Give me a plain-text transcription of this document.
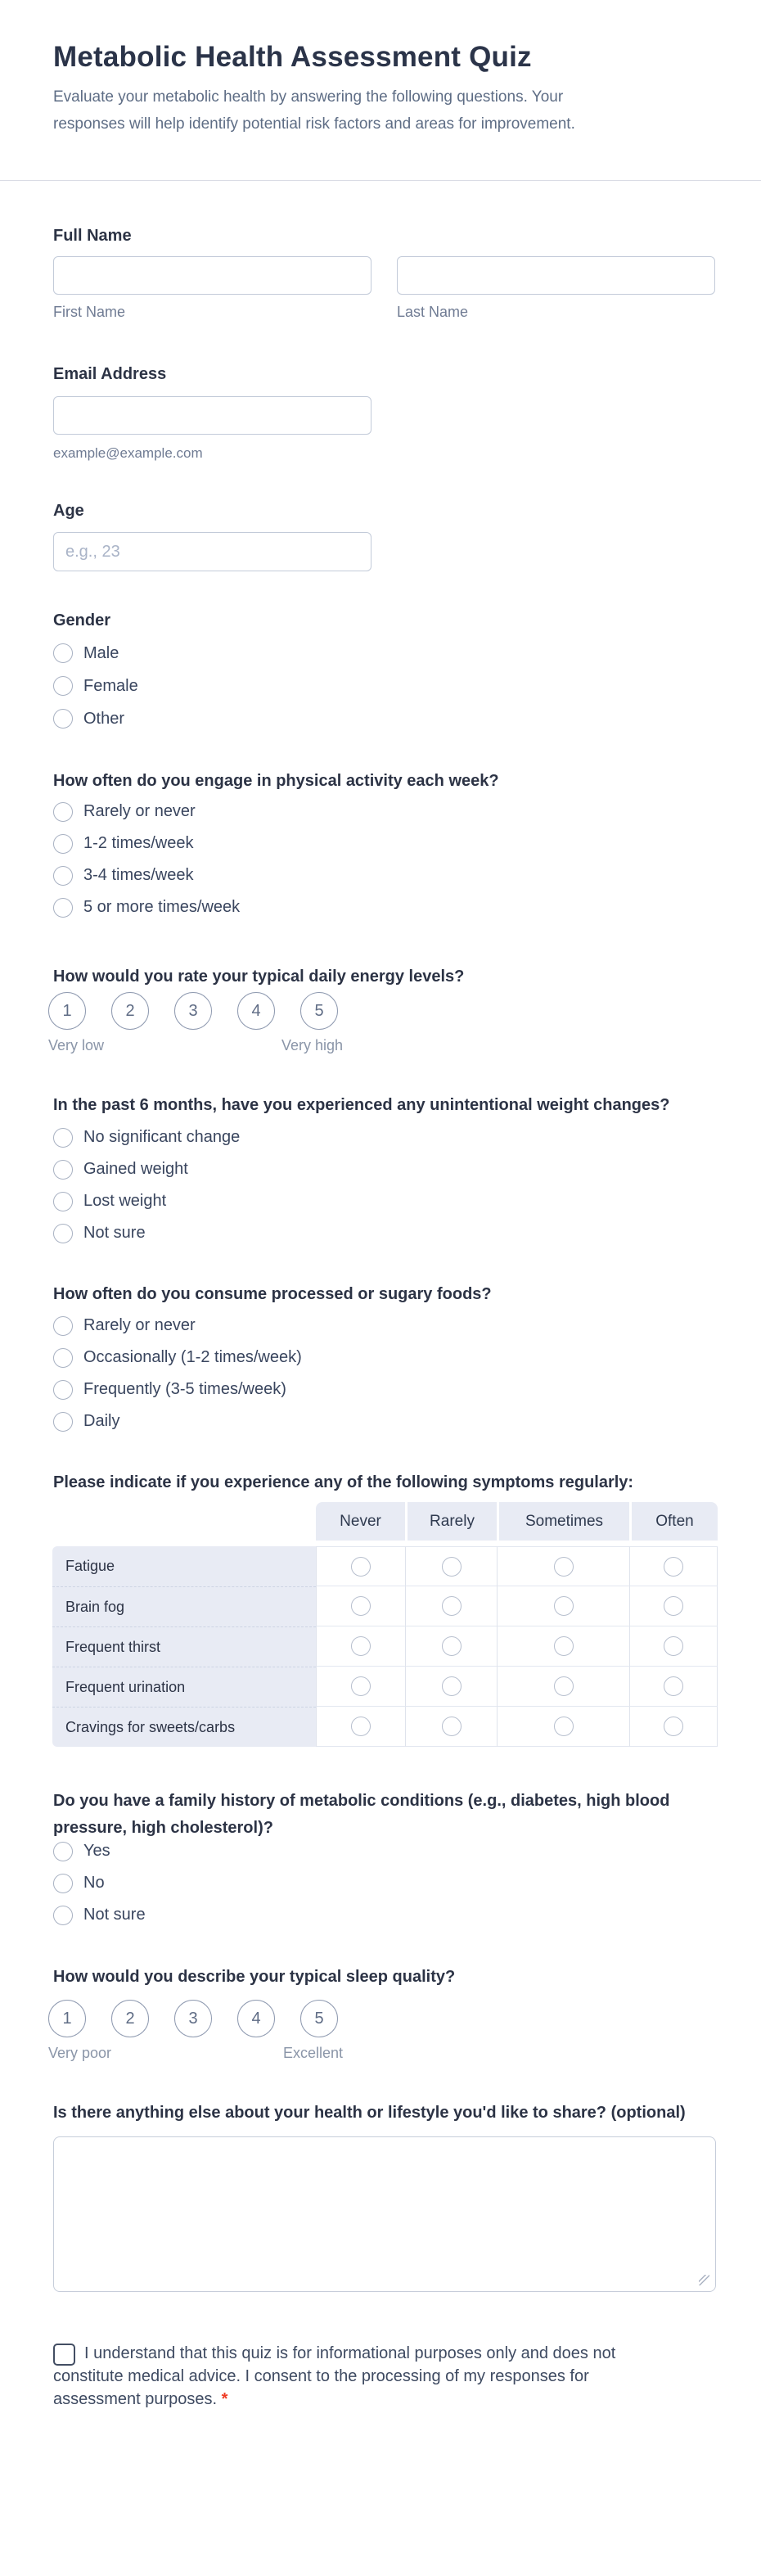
Metabolic Health Assessment Quiz
Evaluate your metabolic health by answering the following questions. Your responses will help identify potential risk factors and areas for improvement.
Full Name
First Name	Last Name
Email Address
example@example.com
Age
e.g., 23
Gender
Male
Female
Other
How often do you engage in physical activity each week?
Rarely or never
1-2 times/week
3-4 times/week
5 or more times/week
How would you rate your typical daily energy levels?
1	2	3	4	5
Very low	Very high
In the past 6 months, have you experienced any unintentional weight changes?
No significant change
Gained weight
Lost weight
Not sure
How often do you consume processed or sugary foods?
Rarely or never
Occasionally (1-2 times/week)
Frequently (3-5 times/week)
Daily
Please indicate if you experience any of the following symptoms regularly:
Never	Rarely	Sometimes	Often
Fatigue
Brain fog
Frequent thirst
Frequent urination
Cravings for sweets/carbs
Do you have a family history of metabolic conditions (e.g., diabetes, high blood pressure, high cholesterol)?
Yes
No
Not sure
How would you describe your typical sleep quality?
1	2	3	4	5
Very poor	Excellent
Is there anything else about your health or lifestyle you'd like to share? (optional)

I understand that this quiz is for informational purposes only and does not constitute medical advice. I consent to the processing of my responses for assessment purposes. *
